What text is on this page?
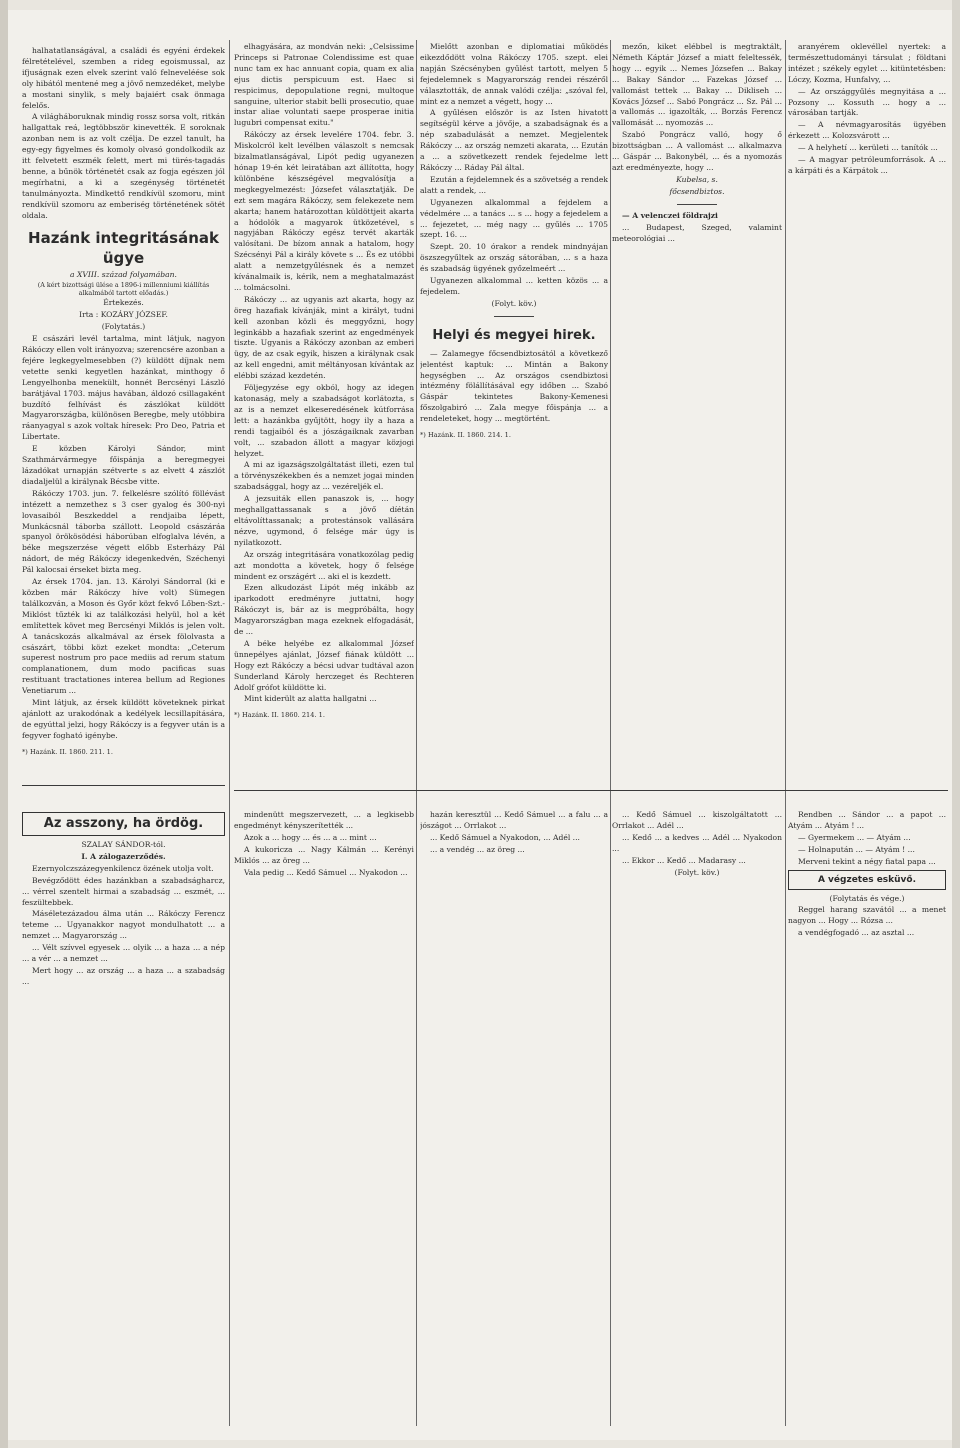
halhatatlanságával, a családi és egyéni érdekek félretételével, szemben a rideg egoismussal, az ifjuságnak ezen elvek szerint való felneveléése sok oly hibától mentené meg a jövő nemzedéket, melybe a mostani sinylik, s mely bajaiért csak önmaga felelős.

A világháboruknak mindig rossz sorsa volt, ritkán hallgattak reá, legtöbbször kinevették. E soroknak azonban nem is az volt czélja. De ezzel tanult, ha egy-egy figyelmes és komoly olvasó gondolkodik az itt felvetett eszmék felett, mert mi türés-tagadás benne, a bűnök történetét csak az fogja egészen jól megírhatni, a ki a szegénység történetét tanulmányozta. Mindkettő rendkívül szomoru, mint rendkívül szomoru az emberiség történetének sötét oldala.

Hazánk integritásának ügye

a XVIII. század folyamában.

(A kért bizottsági ülése a 1896-i millenniumi kiállítás alkalmából tartott előadás.)

Értekezés.

Irta : KOZÁRY JÓZSEF.

(Folytatás.)

E császári levél tartalma, mint látjuk, nagyon Rákóczy ellen volt irányozva; szerencsére azonban a fejére legkegyelmesebben (?) küldött díjnak nem vetette senki kegyetlen hazánkat, minthogy ő Lengyelhonba menekült, honnét Bercsényi László barátjával 1703. május havában, áldozó csillagaként buzdító felhívást és zászlókat küldött Magyarországba, különösen Beregbe, mely utóbbira ráanyagyal s azok voltak híresek: Pro Deo, Patria et Libertate.

E közben Károlyi Sándor, mint Szathmárvármegye főispánja a beregmegyei lázadókat urnapján szétverte s az elvett 4 zászlót diadaljelül a királynak Bécsbe vitte.

Rákóczy 1703. jun. 7. felkelésre szólító föllévást intézett a nemzethez s 3 cser gyalog és 300-nyi lovasaiból Beszkeddel a rendjaiba lépett, Munkácsnál táborba szállott. Leopold császáráa spanyol örökösödési háborúban elfoglalva lévén, a béke megszerzése végett előbb Esterházy Pál nádort, de még Rákóczy idegenkedvén, Széchenyi Pál kalocsai érseket bizta meg.

Az érsek 1704. jan. 13. Károlyi Sándorral (ki e közben már Rákóczy híve volt) Sümegen találkozván, a Moson és Győr közt fekvő Lőben-Szt.-Miklóst tűzték ki az találkozási helyül, hol a két említettek követ meg Bercsényi Miklós is jelen volt. A tanácskozás alkalmával az érsek fölolvasta a császárt, többi közt ezeket mondta: „Ceterum superest nostrum pro pace mediis ad rerum statum complanationem, dum modo pacificas suas restituant tractationes interea bellum ad Regiones Venetiarum ...

Mint látjuk, az érsek küldött követeknek pirkat ajánlott az urakodónak a kedélyek lecsillapítására, de egyúttal jelzi, hogy Rákóczy is a fegyver után is a fegyver fogható igénybe.

*) Hazánk. II. 1860. 211. 1.

elhagyására, az mondván neki: „Celsissime Princeps si Patronae Colendissime est quae nunc tam ex hac annuant copia, quam ex alia ejus dictis perspicuum est. Haec si respicimus, depopulatione regni, multoque sanguine, ulterior stabit belli prosecutio, quae instar aliae voluntati saepe prosperae initia lugubri compensat exitu."

Rákóczy az érsek levelére 1704. febr. 3. Miskolcról kelt levélben válaszolt s nemcsak bizalmatlanságával, Lipót pedig ugyanezen hónap 19-én két leiratában azt állította, hogy különbéne készségével megvalósítja a megkegyelmezést: Józsefet választatják. De ezt sem magára Rákóczy, sem felekezete nem akarta; hanem határozottan küldöttjeit akarta a hódolók a magyarok ütközetével, s nagyjában Rákóczy egész tervét akarták valósítani. De bízom annak a hatalom, hogy Szécsényi Pál a király követe s ... És ez utóbbi alatt a nemzetgyűlésnek és a nemzet kívánalmaik is, kérik, nem a meghatalmazást ... tolmácsolni.

Rákóczy ... az ugyanis azt akarta, hogy az öreg hazafiak kívánják, mint a királyt, tudni kell azonban közli és meggyőzni, hogy leginkább a hazafiak szerint az engedmények tiszte. Ugyanis a Rákóczy azonban az emberi ügy, de az csak egyik, hiszen a királynak csak az kell engedni, amit méltányosan kívántak az elébbi század kezdetén.

Följegyzése egy okból, hogy az idegen katonaság, mely a szabadságot korlátozta, s az is a nemzet elkeseredésének kútforrása lett: a hazánkba gyűjtött, hogy ily a haza a rendi tagjaiból és a jószágaiknak zavarban volt, ... szabadon állott a magyar közjogi helyzet.

A mi az igazságszolgáltatást illeti, ezen tul a törvényszékekben és a nemzet jogai minden szabadsággal, hogy az ... vezéreljék el.

A jezsuiták ellen panaszok is, ... hogy meghallgattassanak s a jövő díétán eltávolíttassanak; a protestánsok vallására nézve, ugymond, ő felsége már úgy is nyilatkozott.

Az ország integritására vonatkozólag pedig azt mondotta a követek, hogy ő felsége mindent ez országért ... aki el is kezdett.

Ezen alkudozást Lipót még inkább az iparkodott eredményre juttatni, hogy Rákóczyt is, bár az is megpróbálta, hogy Magyarországban maga ezeknek elfogadását, de ...

A béke helyébe ez alkalommal József ünnepélyes ajánlat, József fiának küldött ... Hogy ezt Rákóczy a bécsi udvar tudtával azon Sunderland Károly herczeget és Rechteren Adolf grófot küldötte ki.

Mint kiderült az alatta hallgatni ...

*) Hazánk. II. 1860. 214. 1.

Mielőtt azonban e diplomatiai működés eikezdődött volna Rákóczy 1705. szept. elei napján Szécsényben gyűlést tartott, melyen 5 fejedelemnek s Magyarország rendei részéről választották, de annak valódi czélja: „szóval fel, mint ez a nemzet a végett, hogy ...

A gyűlésen először is az Isten hivatott segítségül kérve a jövője, a szabadságnak és a nép szabadulását a nemzet. Megjelentek Rákóczy ... az ország nemzeti akarata, ... Ezután a ... a szövetkezett rendek fejedelme lett Rákóczy ... Ráday Pál által.

Ezután a fejdelemnek és a szövetség a rendek alatt a rendek, ...

Ugyanezen alkalommal a fejdelem a védelmére ... a tanács ... s ... hogy a fejedelem a ... fejezetet, ... még nagy ... gyűlés ... 1705 szept. 16. ...

Szept. 20. 10 órakor a rendek mindnyájan öszszegyűltek az ország sátorában, ... s a haza és szabadság ügyének győzelmeért ...

Ugyanezen alkalommal ... ketten közös ... a fejedelem.

(Folyt. köv.)

Helyi és megyei hirek.

— Zalamegye főcsendbiztosától a következő jelentést kaptuk: ... Mintán a Bakony hegységben ... Az országos csendbiztosi intézmény fölállításával egy időben ... Szabó Gáspár tekintetes Bakony-Kemenesi főszolgabiró ... Zala megye főispánja ... a rendeleteket, hogy ... megtörtént.

*) Hazánk. II. 1860. 214. 1.

mezőn, kiket elébbel is megtraktált, Németh Káptár József a miatt feleltessék, hogy ... egyik ... Nemes Józsefen ... Bakay ... Bakay Sándor ... Fazekas József ... vallomást tettek ... Bakay ... Dikliseh ... Kovács József ... Sabó Pongrácz ... Sz. Pál ... a vallomás ... igazolták, ... Borzás Ferencz vallomását ... nyomozás ...

Szabó Pongrácz valló, hogy ő bizottságban ... A vallomást ... alkalmazva ... Gáspár ... Bakonybél, ... és a nyomozás azt eredményezte, hogy ...

Kubelsa, s.

főcsendbiztos.

— A velenczei földrajzi

... Budapest, Szeged, valamint meteorológiai ...

aranyérem oklevéllel nyertek: a természettudományi társulat ; földtani intézet ; székely egylet ... kitüntetésben: Lóczy, Kozma, Hunfalvy, ...

— Az országgyűlés megnyitása a ... Pozsony ... Kossuth ... hogy a ... városában tartják.

— A névmagyarosítás ügyében érkezett ... Kolozsvárott ...

— A helyhetí ... kerületi ... tanítók ...

— A magyar petróleumforrások. A ... a kárpáti és a Kárpátok ...

Az asszony, ha ördög.

SZALAY SÁNDOR-tól.

I. A zálogazerződés.

Ezernyolczszázegyenkilencz özének utolja volt.

Bevégződött édes hazánkban a szabadságharcz, ... vérrel szentelt hirmai a szabadság ... eszmét, ... feszültebbek.

Máséletezázadou álma után ... Rákóczy Ferencz teteme ... Ugyanakkor nagyot mondulhatott ... a nemzet ... Magyarország ...

... Vélt szívvel egyesek ... olyik ... a haza ... a nép ... a vér ... a nemzet ...

Mert hogy ... az ország ... a haza ... a szabadság ...

mindenütt megszervezett, ... a legkisebb engedményt kényszerítették ...

Azok a ... hogy ... és ... a ... mint ...

A kukoricza ... Nagy Kálmán ... Kerényi Miklós ... az öreg ...

Vala pedig ... Kedő Sámuel ... Nyakodon ...

hazán keresztül ... Kedő Sámuel ... a falu ... a jószágot ... Orrlakot ...

... Kedő Sámuel a Nyakodon, ... Adél ...

... a vendég ... az öreg ...

... Kedő Sámuel ... kiszolgáltatott ... Orrlakot ... Adél ...

... Kedő ... a kedves ... Adél ... Nyakodon ...

... Ekkor ... Kedő ... Madarasy ...

(Folyt. köv.)

Rendben ... Sándor ... a papot ... Atyám ... Atyám ! ...

— Gyermekem ... — Atyám ...

— Holnapután ... — Atyám ! ...

Merveni tekint a négy fiatal papa ...

A végzetes esküvő.

(Folytatás és vége.)

Reggel harang szavától ... a menet nagyon ... Hogy ... Rózsa ...

a vendégfogadó ... az asztal ...
